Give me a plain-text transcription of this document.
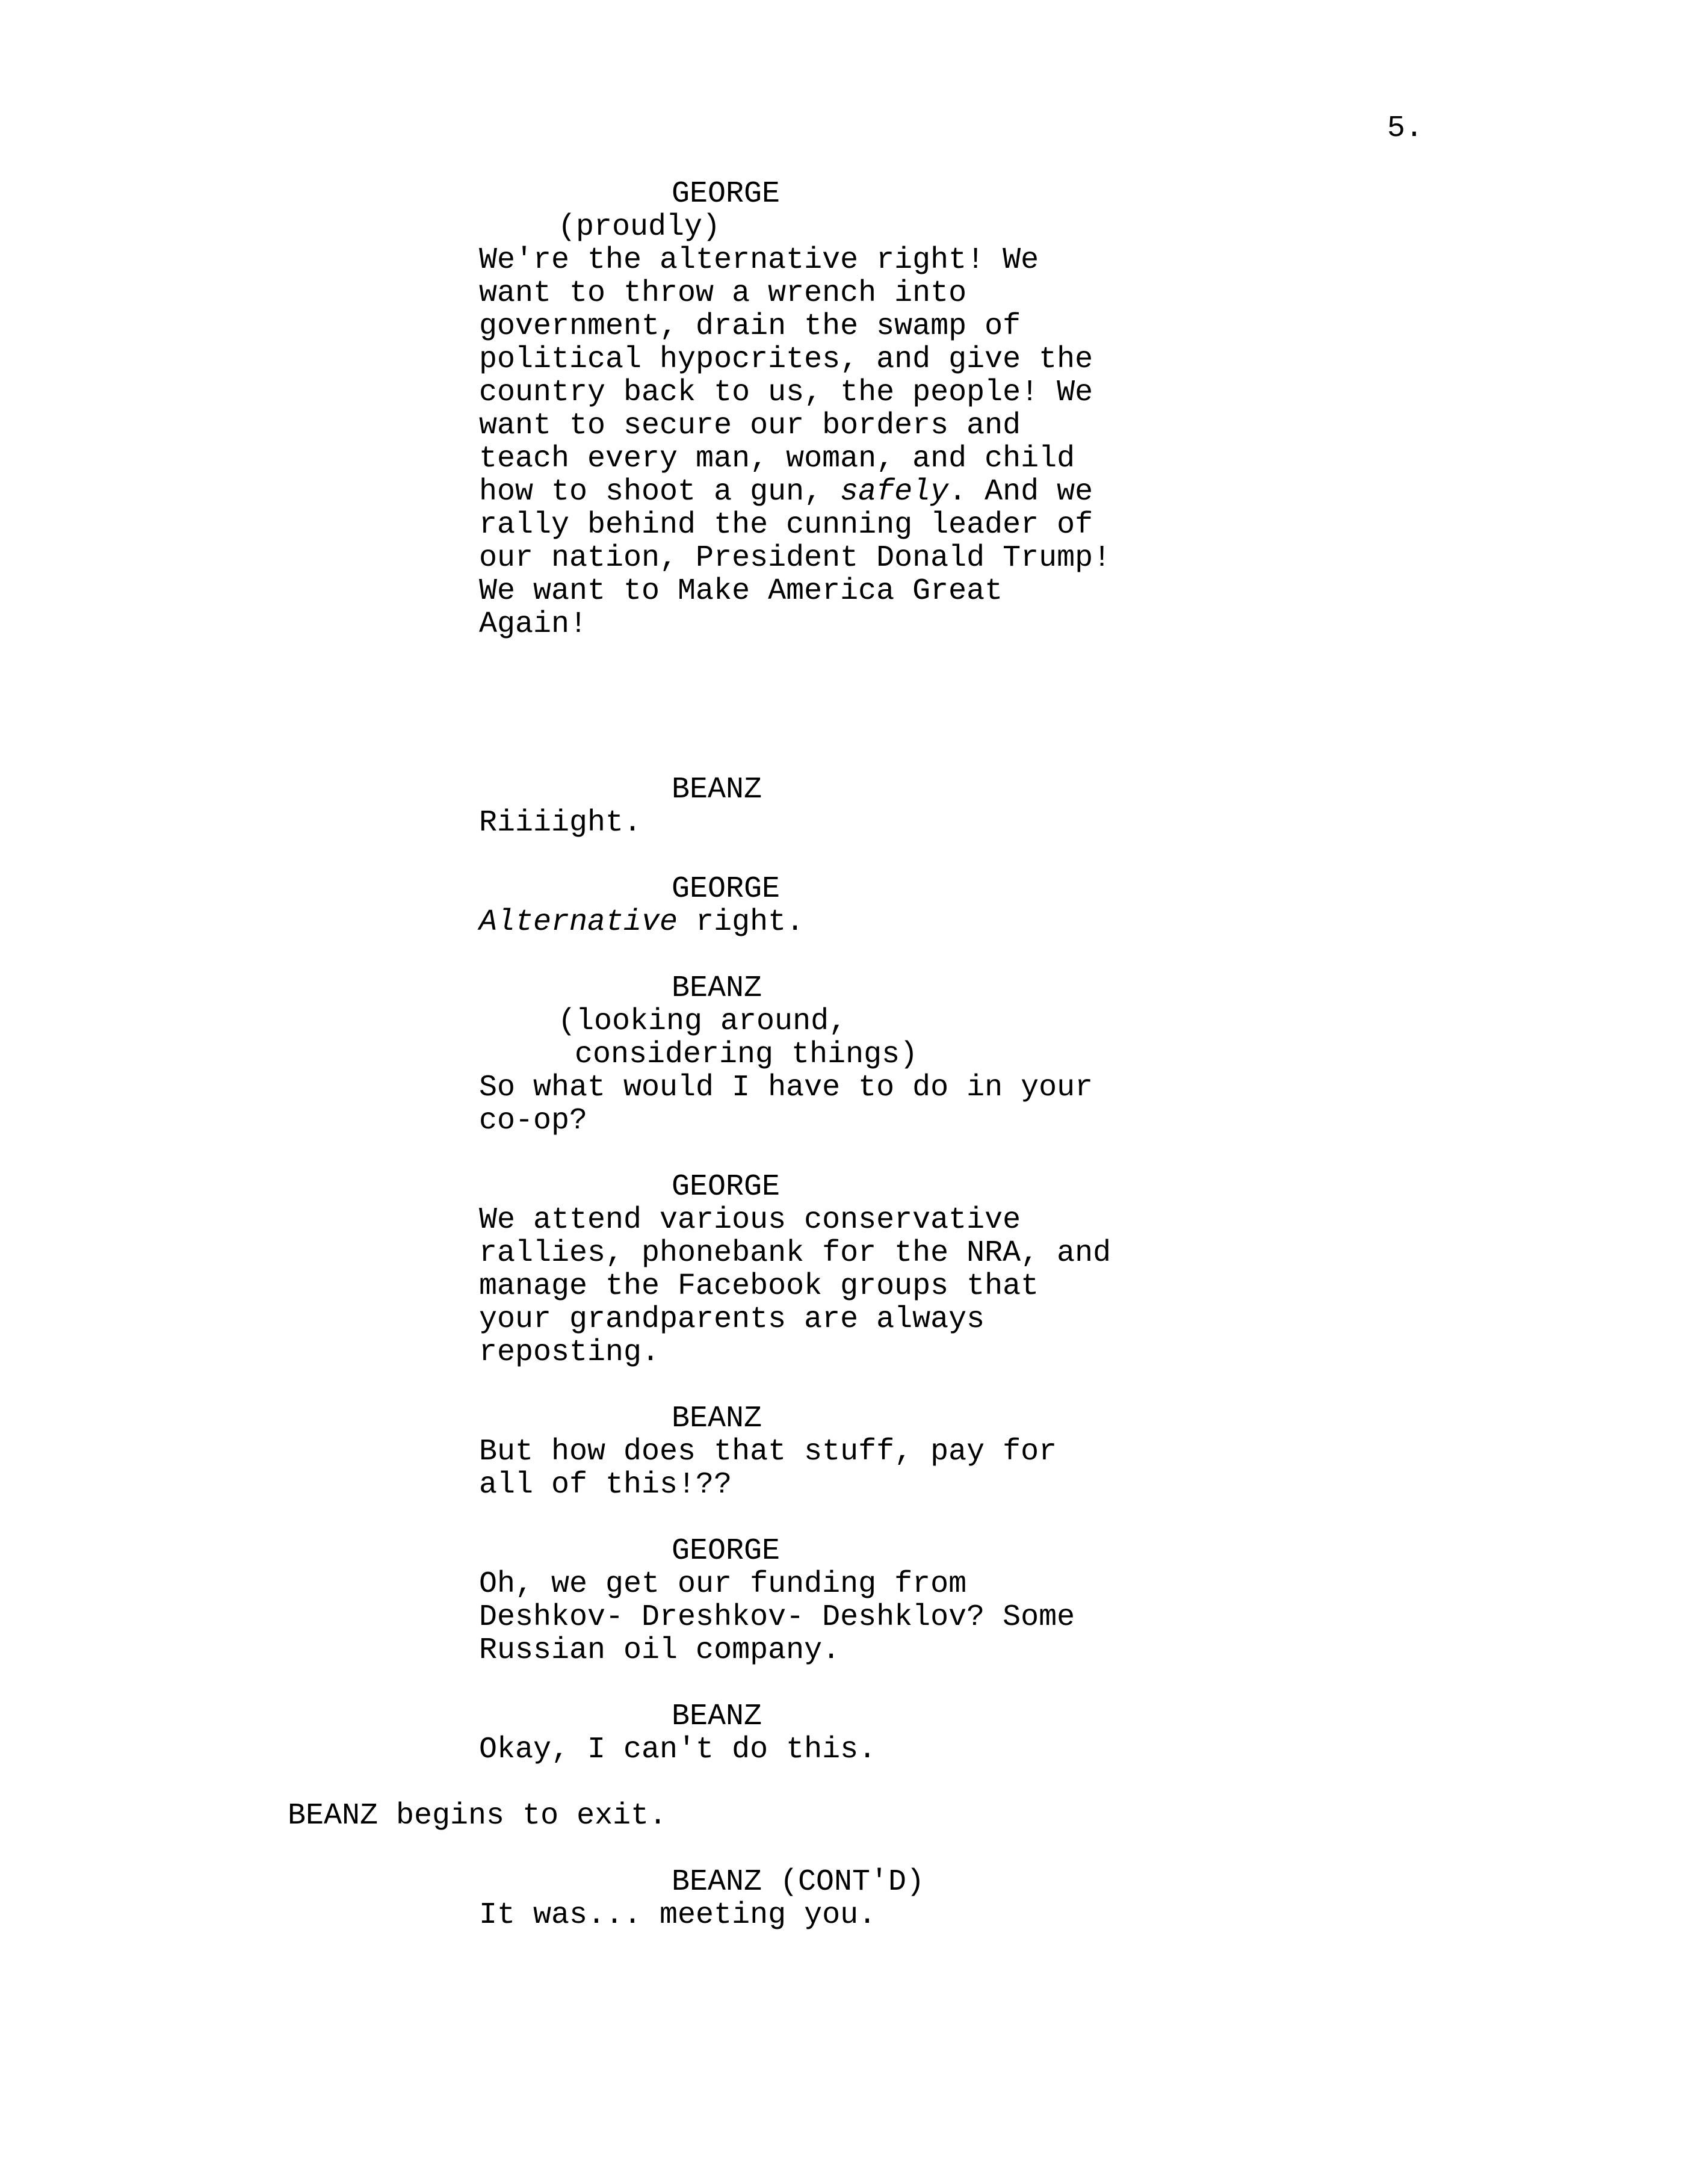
5.
GEORGE
(proudly)
We're the alternative right! We
want to throw a wrench into
government, drain the swamp of
political hypocrites, and give the
country back to us, the people! We
want to secure our borders and
teach every man, woman, and child
how to shoot a gun, safely. And we
rally behind the cunning leader of
our nation, President Donald Trump!
We want to Make America Great
Again!
BEANZ
Riiiight.
GEORGE
Alternative right.
BEANZ
(looking around,
considering things)
So what would I have to do in your
co-op?
GEORGE
We attend various conservative
rallies, phonebank for the NRA, and
manage the Facebook groups that
your grandparents are always
reposting.
BEANZ
But how does that stuff, pay for
all of this!??
GEORGE
Oh, we get our funding from
Deshkov- Dreshkov- Deshklov? Some
Russian oil company.
BEANZ
Okay, I can't do this.
BEANZ begins to exit.
BEANZ (CONT'D)
It was... meeting you.
